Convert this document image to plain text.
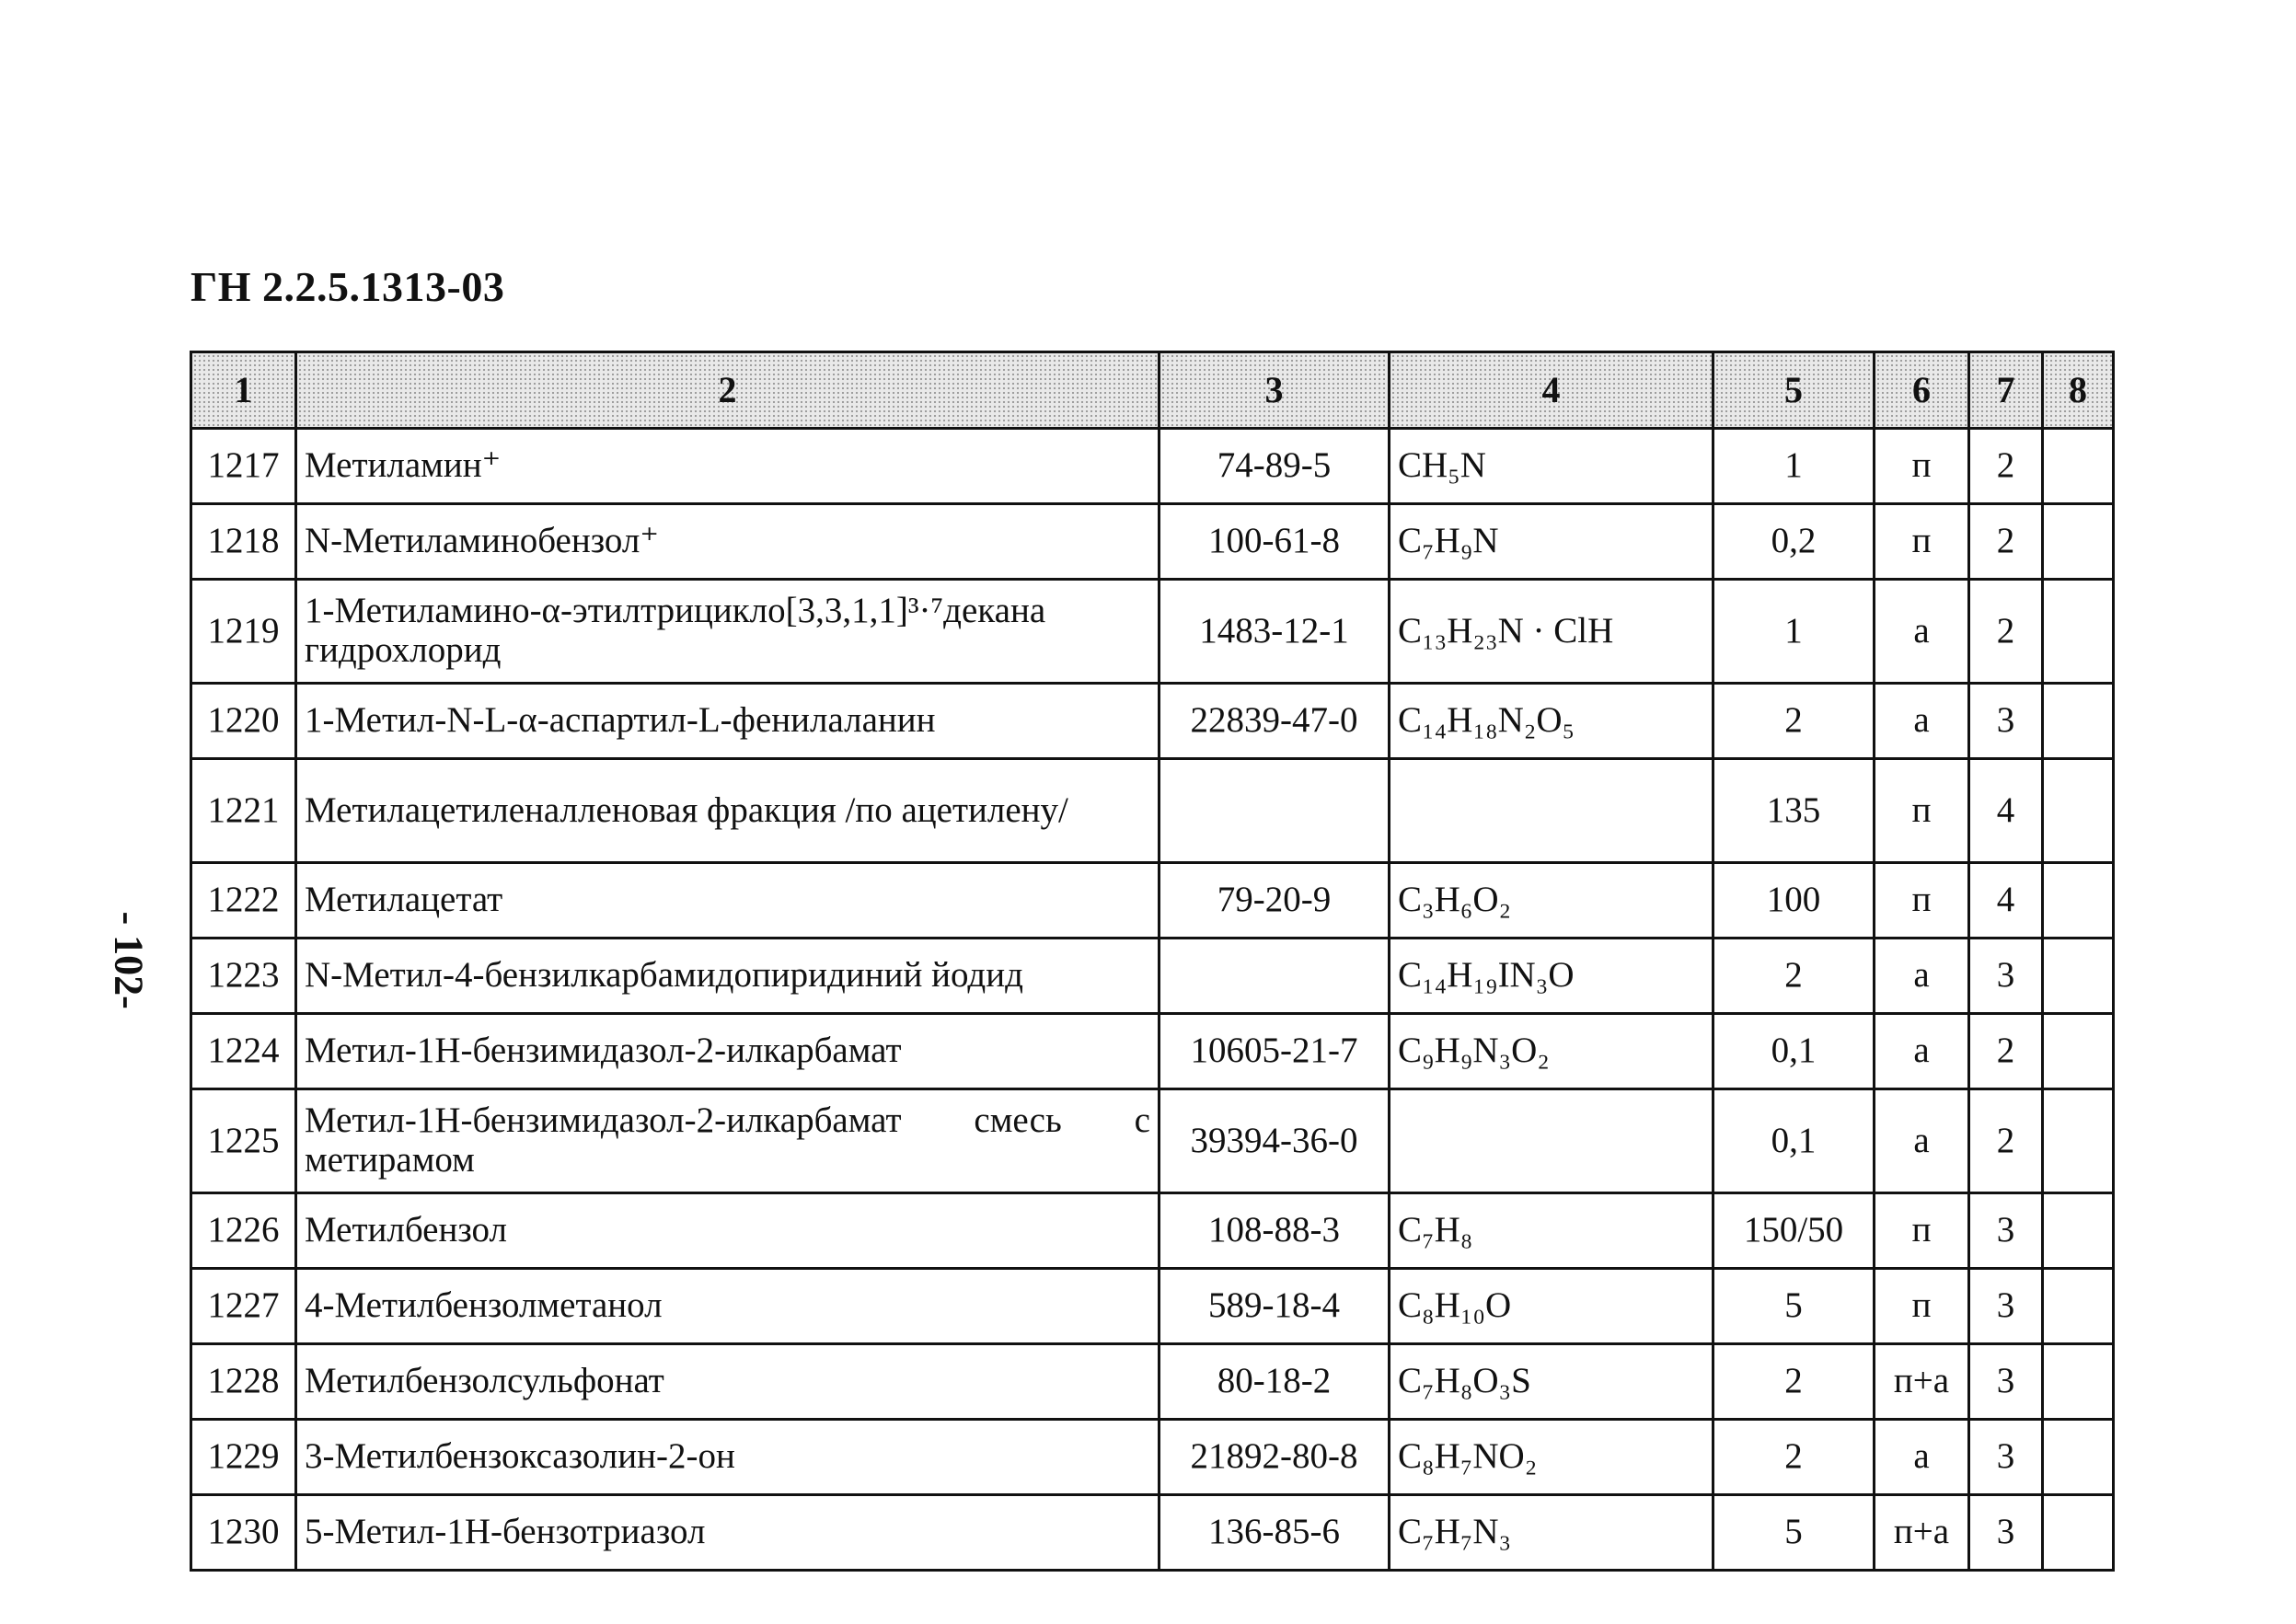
ГН 2.2.5.1313-03
- 102-
1	2	3	4	5	6	7	8
1217	Метиламин⁺	74-89-5	CH₅N	1	п	2	
1218	N-Метиламинобензол⁺	100-61-8	C₇H₉N	0,2	п	2	
1219	1-Метиламино-α-этилтрицикло[3,3,1,1]³·⁷декана гидрохлорид	1483-12-1	C₁₃H₂₃N · ClH	1	а	2	
1220	1-Метил-N-L-α-аспартил-L-фенилаланин	22839-47-0	C₁₄H₁₈N₂O₅	2	а	3	
1221	Метилацетиленалленовая фракция /по ацетилену/			135	п	4	
1222	Метилацетат	79-20-9	C₃H₆O₂	100	п	4	
1223	N-Метил-4-бензилкарбамидопиридиний йодид		C₁₄H₁₉IN₃O	2	а	3	
1224	Метил-1H-бензимидазол-2-илкарбамат	10605-21-7	C₉H₉N₃O₂	0,1	а	2	
1225	Метил-1H-бензимидазол-2-илкарбамат смесь с метирамом	39394-36-0		0,1	а	2	
1226	Метилбензол	108-88-3	C₇H₈	150/50	п	3	
1227	4-Метилбензолметанол	589-18-4	C₈H₁₀O	5	п	3	
1228	Метилбензолсульфонат	80-18-2	C₇H₈O₃S	2	п+а	3	
1229	3-Метилбензоксазолин-2-он	21892-80-8	C₈H₇NO₂	2	а	3	
1230	5-Метил-1H-бензотриазол	136-85-6	C₇H₇N₃	5	п+а	3	
